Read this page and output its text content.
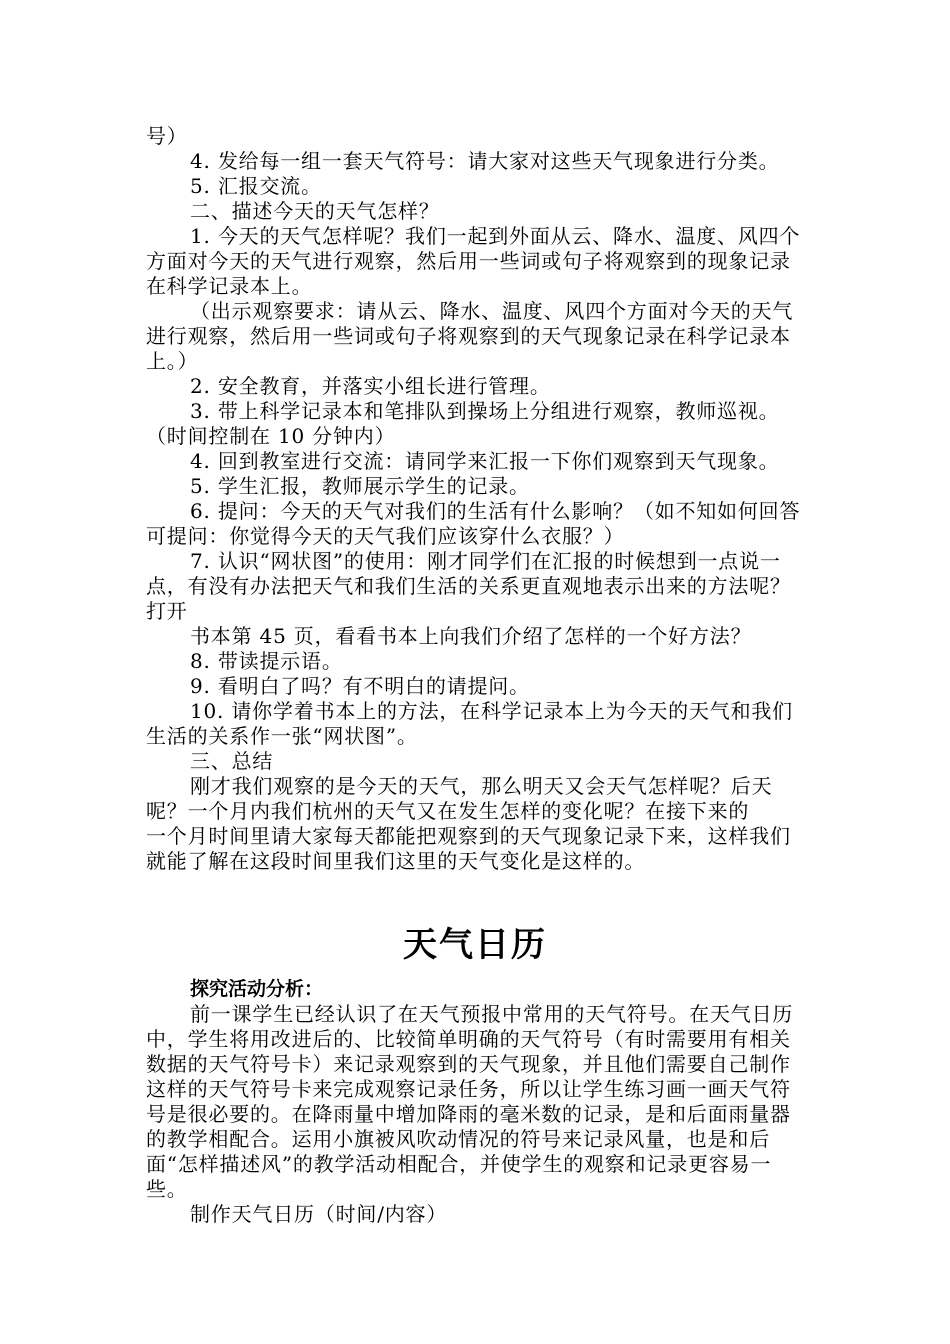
号）
4. 发给每一组一套天气符号：请大家对这些天气现象进行分类。
5. 汇报交流。
二、描述今天的天气怎样？

1. 今天的天气怎样呢？我们一起到外面从云、降水、温度、风四个方面对今天的天气进行观察，然后用一些词或句子将观察到的现象记录在科学记录本上。

（出示观察要求：请从云、降水、温度、风四个方面对今天的天气进行观察，然后用一些词或句子将观察到的天气现象记录在科学记录本上。）

2. 安全教育，并落实小组长进行管理。
3. 带上科学记录本和笔排队到操场上分组进行观察，教师巡视。
（时间控制在 10 分钟内）
4. 回到教室进行交流：请同学来汇报一下你们观察到天气现象。
5. 学生汇报，教师展示学生的记录。

6. 提问：今天的天气对我们的生活有什么影响？（如不知如何回答可提问：你觉得今天的天气我们应该穿什么衣服？）

7. 认识“网状图”的使用：刚才同学们在汇报的时候想到一点说一点，有没有办法把天气和我们生活的关系更直观地表示出来的方法呢？打开

书本第 45 页，看看书本上向我们介绍了怎样的一个好方法？
8. 带读提示语。
9. 看明白了吗？有不明白的请提问。

10. 请你学着书本上的方法，在科学记录本上为今天的天气和我们生活的关系作一张“网状图”。

三、总结
刚才我们观察的是今天的天气，那么明天又会天气怎样呢？后天
呢？一个月内我们杭州的天气又在发生怎样的变化呢？在接下来的

一个月时间里请大家每天都能把观察到的天气现象记录下来，这样我们就能了解在这段时间里我们这里的天气变化是这样的。

天气日历
探究活动分析：

前一课学生已经认识了在天气预报中常用的天气符号。在天气日历中，学生将用改进后的、比较简单明确的天气符号（有时需要用有相关数据的天气符号卡）来记录观察到的天气现象，并且他们需要自己制作这样的天气符号卡来完成观察记录任务，所以让学生练习画一画天气符号是很必要的。在降雨量中增加降雨的毫米数的记录，是和后面雨量器的教学相配合。运用小旗被风吹动情况的符号来记录风量，也是和后面“怎样描述风”的教学活动相配合，并使学生的观察和记录更容易一些。

制作天气日历（时间/内容）
